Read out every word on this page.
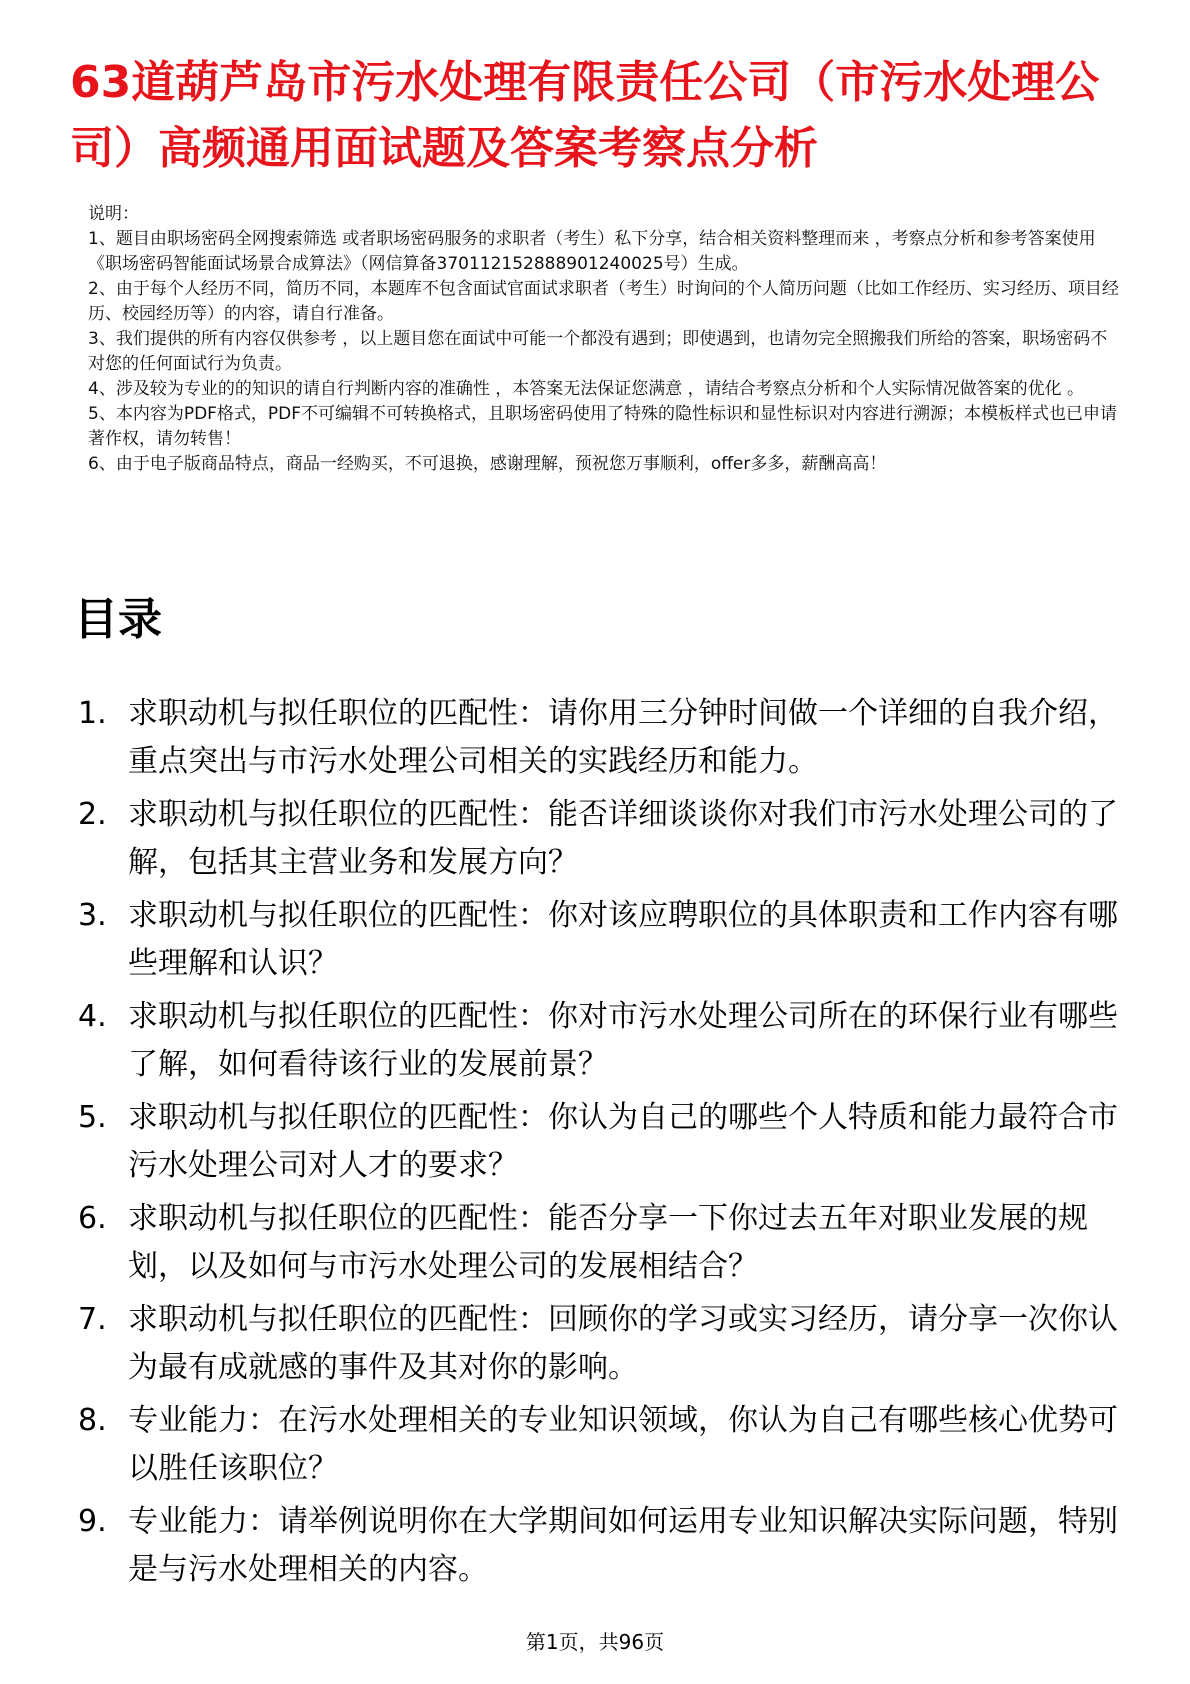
63道葫芦岛市污水处理有限责任公司（市污水处理公司）高频通用面试题及答案考察点分析

说明：

1、题目由职场密码全网搜索筛选 或者职场密码服务的求职者（考生）私下分享，结合相关资料整理而来 ，考察点分析和参考答案使用《职场密码智能面试场景合成算法》（网信算备370112152888901240025号）生成。

2、由于每个人经历不同，简历不同，本题库不包含面试官面试求职者（考生）时询问的个人简历问题（比如工作经历、实习经历、项目经历、校园经历等）的内容，请自行准备。

3、我们提供的所有内容仅供参考 ，以上题目您在面试中可能一个都没有遇到；即使遇到，也请勿完全照搬我们所给的答案，职场密码不对您的任何面试行为负责。

4、涉及较为专业的的知识的请自行判断内容的准确性 ，本答案无法保证您满意 ，请结合考察点分析和个人实际情况做答案的优化 。

5、本内容为PDF格式，PDF不可编辑不可转换格式，且职场密码使用了特殊的隐性标识和显性标识对内容进行溯源；本模板样式也已申请著作权，请勿转售！

6、由于电子版商品特点，商品一经购买，不可退换，感谢理解，预祝您万事顺利，offer多多，薪酬高高！

目录
1. 求职动机与拟任职位的匹配性：请你用三分钟时间做一个详细的自我介绍，重点突出与市污水处理公司相关的实践经历和能力。
2. 求职动机与拟任职位的匹配性：能否详细谈谈你对我们市污水处理公司的了解，包括其主营业务和发展方向？
3. 求职动机与拟任职位的匹配性：你对该应聘职位的具体职责和工作内容有哪些理解和认识？
4. 求职动机与拟任职位的匹配性：你对市污水处理公司所在的环保行业有哪些了解，如何看待该行业的发展前景？
5. 求职动机与拟任职位的匹配性：你认为自己的哪些个人特质和能力最符合市污水处理公司对人才的要求？
6. 求职动机与拟任职位的匹配性：能否分享一下你过去五年对职业发展的规划，以及如何与市污水处理公司的发展相结合？
7. 求职动机与拟任职位的匹配性：回顾你的学习或实习经历，请分享一次你认为最有成就感的事件及其对你的影响。
8. 专业能力：在污水处理相关的专业知识领域，你认为自己有哪些核心优势可以胜任该职位？
9. 专业能力：请举例说明你在大学期间如何运用专业知识解决实际问题，特别是与污水处理相关的内容。
第1页，共96页
